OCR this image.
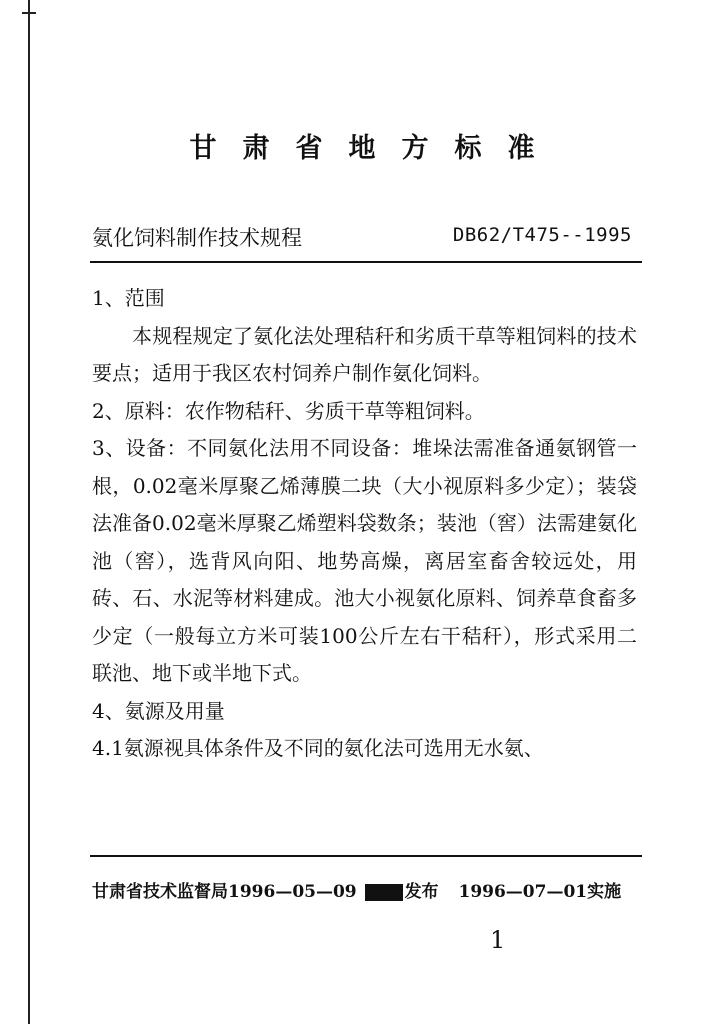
甘肃省地方标准
氨化饲料制作技术规程	DB62/T475--1995

1、范围

本规程规定了氨化法处理秸秆和劣质干草等粗饲料的技术要点；适用于我区农村饲养户制作氨化饲料。

2、原料：农作物秸秆、劣质干草等粗饲料。

3、设备：不同氨化法用不同设备：堆垛法需准备通氨钢管一根，0.02毫米厚聚乙烯薄膜二块（大小视原料多少定）；装袋法准备0.02毫米厚聚乙烯塑料袋数条；装池（窖）法需建氨化池（窖），选背风向阳、地势高燥，离居室畜舍较远处，用砖、石、水泥等材料建成。池大小视氨化原料、饲养草食畜多少定（一般每立方米可装100公斤左右干秸秆），形式采用二联池、地下或半地下式。

4、氨源及用量

4.1氨源视具体条件及不同的氨化法可选用无水氨、

甘肃省技术监督局1996—05—09	发布 1996—07—01实施
1
